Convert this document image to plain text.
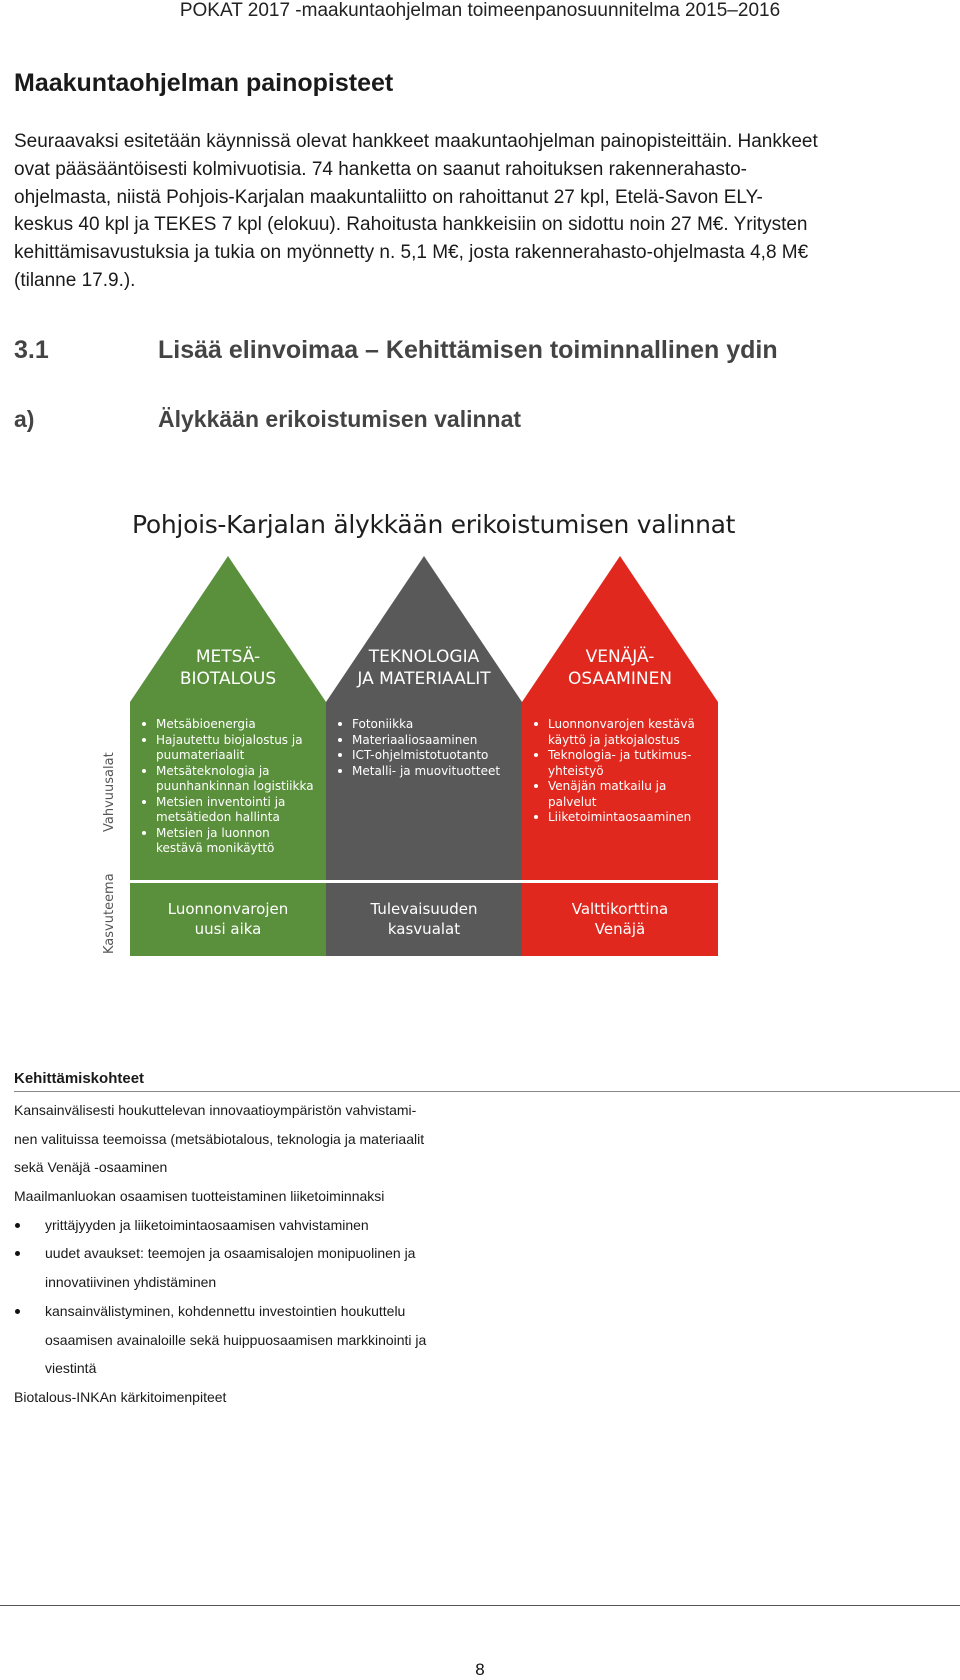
POKAT 2017 -maakuntaohjelman toimeenpanosuunnitelma 2015–2016
Maakuntaohjelman painopisteet
Seuraavaksi esitetään käynnissä olevat hankkeet maakuntaohjelman painopisteittäin. Hankkeet
ovat pääsääntöisesti kolmivuotisia. 74 hanketta on saanut rahoituksen rakennerahasto-
ohjelmasta, niistä Pohjois-Karjalan maakuntaliitto on rahoittanut 27 kpl, Etelä-Savon ELY-
keskus 40 kpl ja TEKES 7 kpl (elokuu). Rahoitusta hankkeisiin on sidottu noin 27 M€. Yritysten
kehittämisavustuksia ja tukia on myönnetty n. 5,1 M€, josta rakennerahasto-ohjelmasta 4,8 M€
(tilanne 17.9.).
3.1	Lisää elinvoimaa – Kehittämisen toiminnallinen ydin
a)	Älykkään erikoistumisen valinnat
Pohjois-Karjalan älykkään erikoistumisen valinnat
Vahvuusalat
Kasvuteema
METSÄ-
BIOTALOUS
Metsäbioenergia
Hajautettu biojalostus ja puumateriaalit
Metsäteknologia ja puunhankinnan logistiikka
Metsien inventointi ja metsätiedon hallinta
Metsien ja luonnon kestävä monikäyttö
Luonnonvarojen
uusi aika
TEKNOLOGIA
JA MATERIAALIT
Fotoniikka
Materiaaliosaaminen
ICT-ohjelmistotuotanto
Metalli- ja muovituotteet
Tulevaisuuden
kasvualat
VENÄJÄ-
OSAAMINEN
Luonnonvarojen kestävä käyttö ja jatkojalostus
Teknologia- ja tutkimus-yhteistyö
Venäjän matkailu ja palvelut
Liiketoimintaosaaminen
Valttikorttina
Venäjä
Kehittämiskohteet
Kansainvälisesti houkuttelevan innovaatioympäristön vahvistami-
nen valituissa teemoissa (metsäbiotalous, teknologia ja materiaalit
sekä Venäjä -osaaminen
Maailmanluokan osaamisen tuotteistaminen liiketoiminnaksi
yrittäjyyden ja liiketoimintaosaamisen vahvistaminen
uudet avaukset: teemojen ja osaamisalojen monipuolinen ja
innovatiivinen yhdistäminen
kansainvälistyminen, kohdennettu investointien houkuttelu
osaamisen avainaloille sekä huippuosaamisen markkinointi ja
viestintä
Biotalous-INKAn kärkitoimenpiteet
8
